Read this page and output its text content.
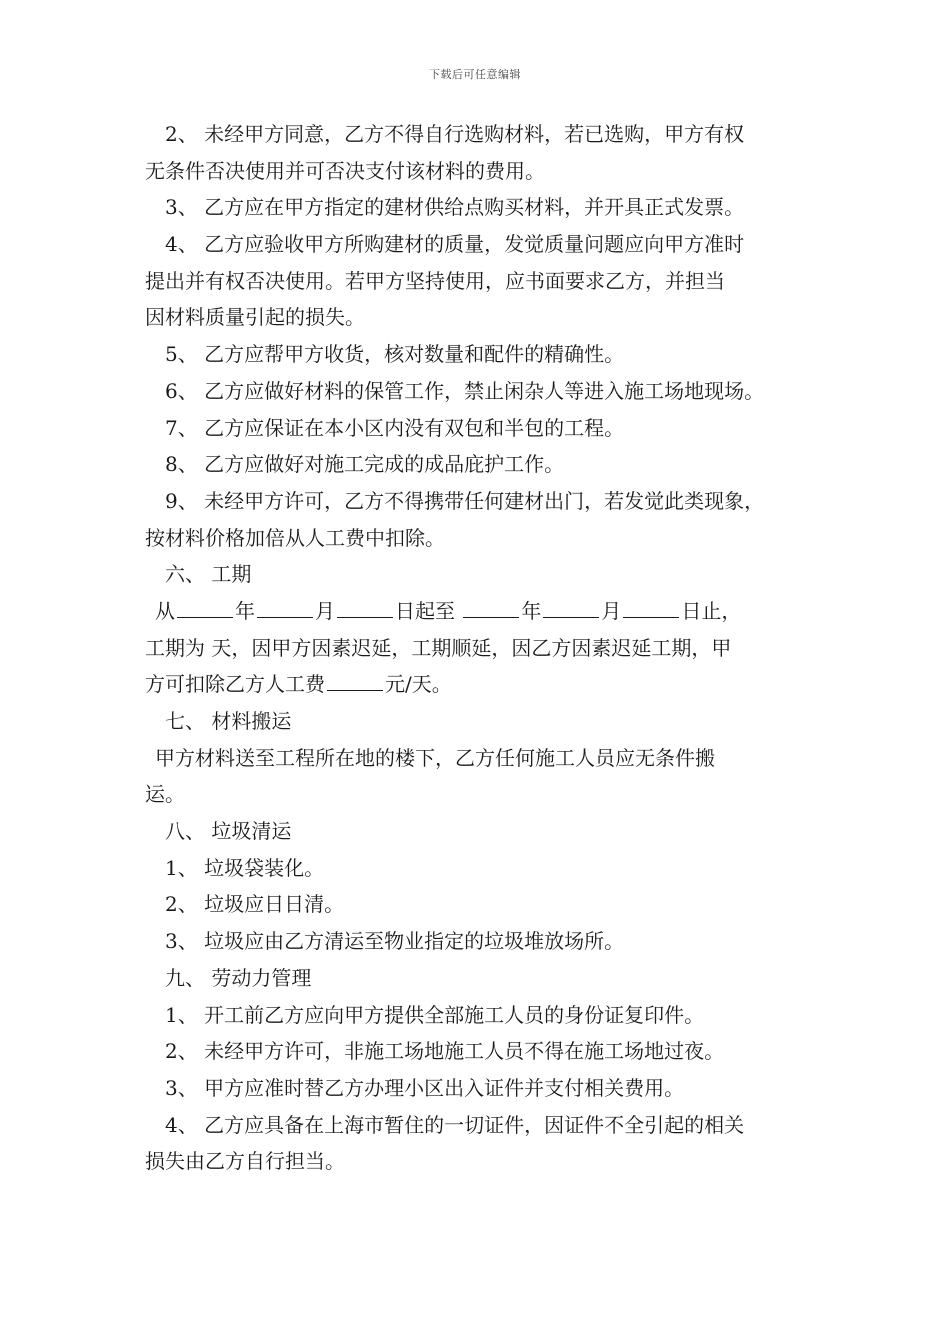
下载后可任意编辑
2、 未经甲方同意，乙方不得自行选购材料，若已选购，甲方有权
无条件否决使用并可否决支付该材料的费用。
3、 乙方应在甲方指定的建材供给点购买材料，并开具正式发票。
4、 乙方应验收甲方所购建材的质量，发觉质量问题应向甲方准时
提出并有权否决使用。若甲方坚持使用，应书面要求乙方，并担当
因材料质量引起的损失。
5、 乙方应帮甲方收货，核对数量和配件的精确性。
6、 乙方应做好材料的保管工作，禁止闲杂人等进入施工场地现场。
7、 乙方应保证在本小区内没有双包和半包的工程。
8、 乙方应做好对施工完成的成品庇护工作。
9、 未经甲方许可，乙方不得携带任何建材出门，若发觉此类现象，
按材料价格加倍从人工费中扣除。
六、 工期
从	年	月	日起至	年	月	日止，
工期为 天，因甲方因素迟延，工期顺延，因乙方因素迟延工期，甲
方可扣除乙方人工费	元/天。
七、 材料搬运
甲方材料送至工程所在地的楼下，乙方任何施工人员应无条件搬
运。
八、 垃圾清运
1、 垃圾袋装化。
2、 垃圾应日日清。
3、 垃圾应由乙方清运至物业指定的垃圾堆放场所。
九、 劳动力管理
1、 开工前乙方应向甲方提供全部施工人员的身份证复印件。
2、 未经甲方许可，非施工场地施工人员不得在施工场地过夜。
3、 甲方应准时替乙方办理小区出入证件并支付相关费用。
4、 乙方应具备在上海市暂住的一切证件，因证件不全引起的相关
损失由乙方自行担当。
